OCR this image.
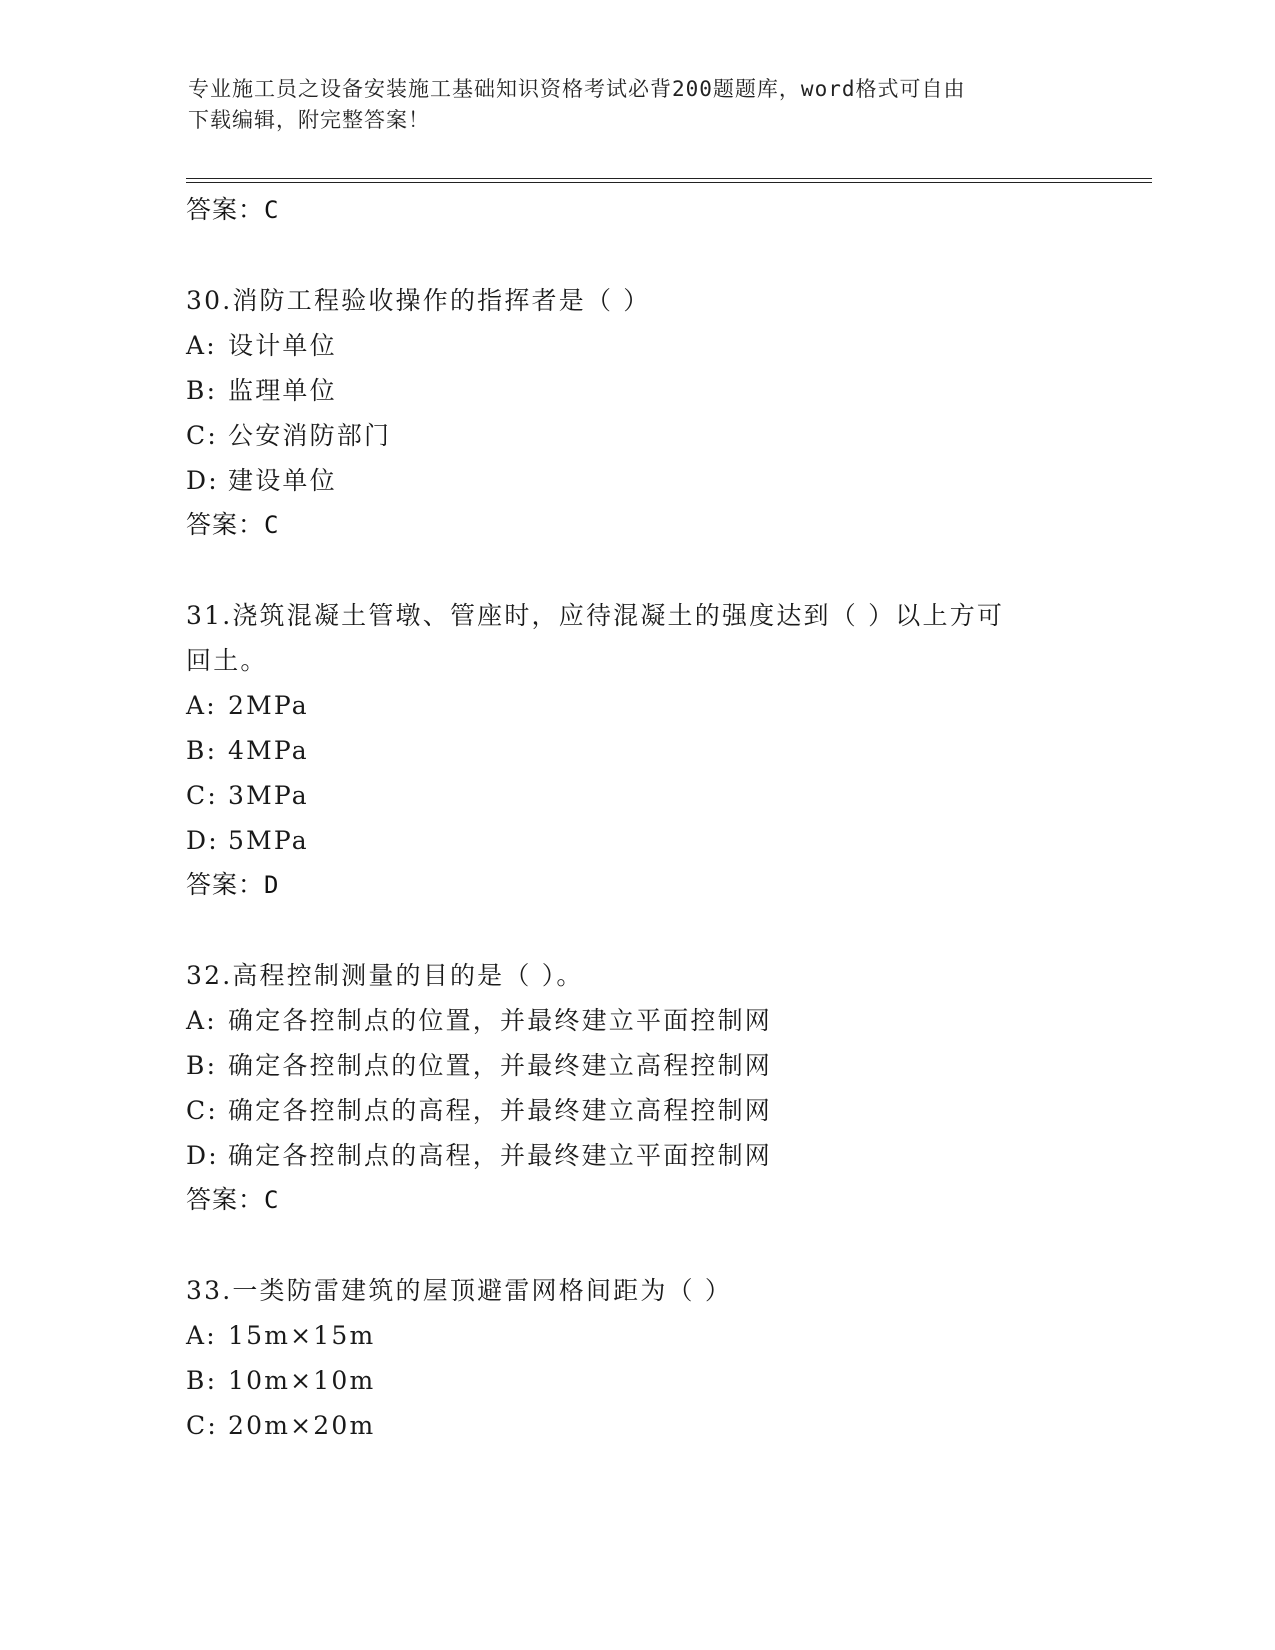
专业施工员之设备安装施工基础知识资格考试必背200题题库，word格式可自由
下载编辑，附完整答案！
答案：C
30.消防工程验收操作的指挥者是（ ）
A: 设计单位
B: 监理单位
C: 公安消防部门
D: 建设单位
答案：C
31.浇筑混凝土管墩、管座时，应待混凝土的强度达到（ ）以上方可
回土。
A: 2MPa
B: 4MPa
C: 3MPa
D: 5MPa
答案：D
32.高程控制测量的目的是（ ）。
A: 确定各控制点的位置，并最终建立平面控制网
B: 确定各控制点的位置，并最终建立高程控制网
C: 确定各控制点的高程，并最终建立高程控制网
D: 确定各控制点的高程，并最终建立平面控制网
答案：C
33.一类防雷建筑的屋顶避雷网格间距为（ ）
A: 15m×15m
B: 10m×10m
C: 20m×20m
